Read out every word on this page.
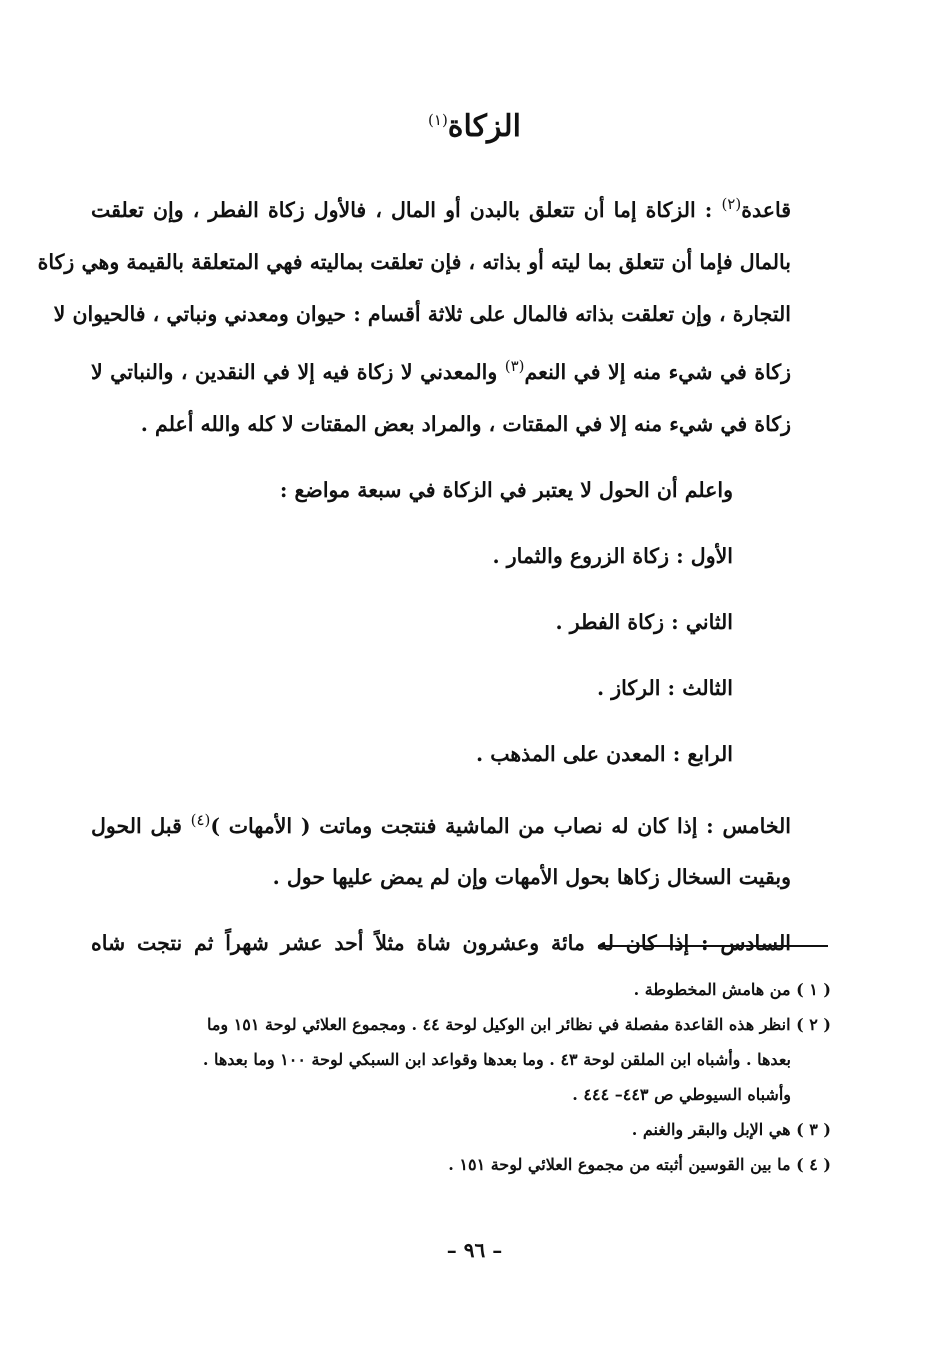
الزكاة$^{(١)}$
قاعدة$^{(٢)}$ : الزكاة إما أن تتعلق بالبدن أو المال ، فالأول زكاة الفطر ، وإن تعلقت
بالمال فإما أن تتعلق بما ليته أو بذاته ، فإن تعلقت بماليته فهي المتعلقة بالقيمة وهي زكاة
التجارة ، وإن تعلقت بذاته فالمال على ثلاثة أقسام : حيوان ومعدني ونباتي ، فالحيوان لا
زكاة في شيء منه إلا في النعم$^{(٣)}$ والمعدني لا زكاة فيه إلا في النقدين ، والنباتي لا
زكاة في شيء منه إلا في المقتات ، والمراد بعض المقتات لا كله والله أعلم .
واعلم أن الحول لا يعتبر في الزكاة في سبعة مواضع :
الأول : زكاة الزروع والثمار .
الثاني : زكاة الفطر .
الثالث : الركاز .
الرابع : المعدن على المذهب .
الخامس : إذا كان له نصاب من الماشية فنتجت وماتت ( الأمهات )$^{(٤)}$ قبل الحول
وبقيت السخال زكاها بحول الأمهات وإن لم يمض عليها حول .
السادس : إذا كان له مائة وعشرون شاة مثلاً أحد عشر شهراً ثم نتجت شاه
( ١ ) من هامش المخطوطة .
( ٢ ) انظر هذه القاعدة مفصلة في نظائر ابن الوكيل لوحة ٤٤ . ومجموع العلائي لوحة ١٥١ وما
بعدها . وأشباه ابن الملقن لوحة ٤٣ . وما بعدها وقواعد ابن السبكي لوحة ١٠٠ وما بعدها .
وأشباه السيوطي ص ٤٤٣– ٤٤٤ .
( ٣ ) هي الإبل والبقر والغنم .
( ٤ ) ما بين القوسين أثبته من مجموع العلائي لوحة ١٥١ .
– ٩٦ –
